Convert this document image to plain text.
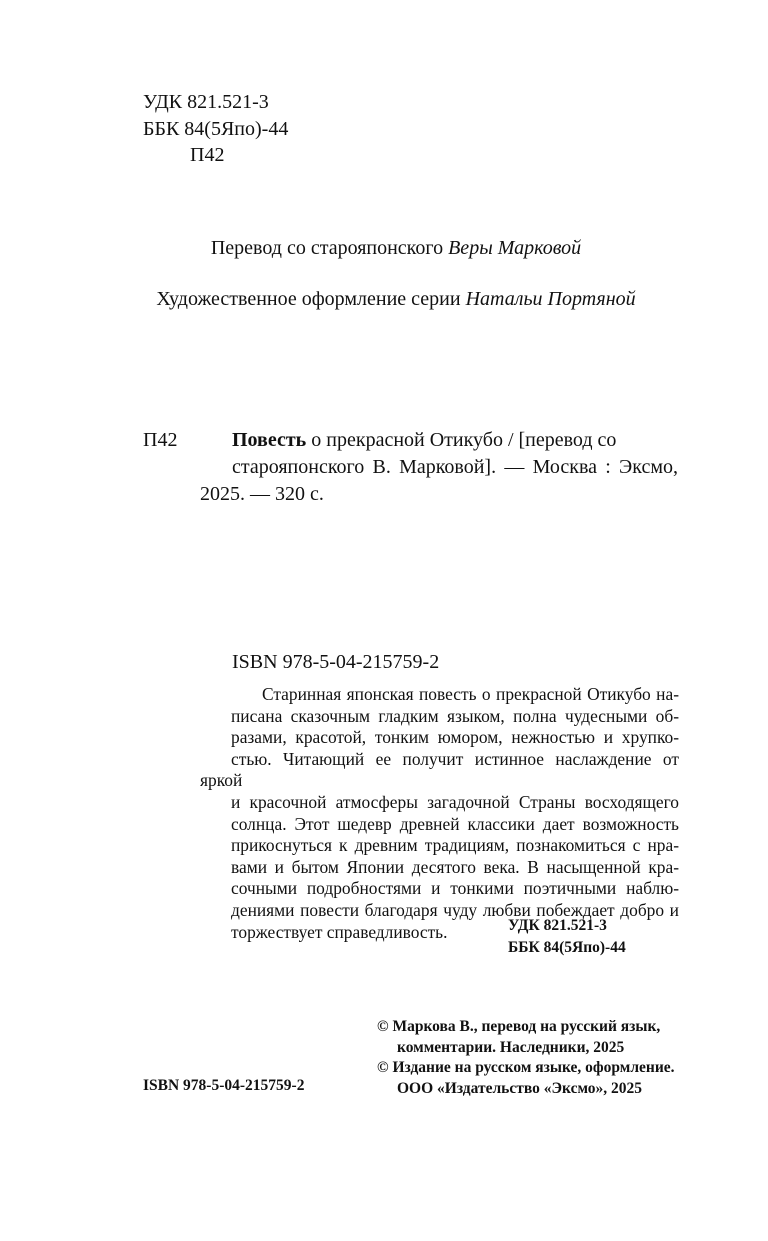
УДК 821.521-3
ББК 84(5Япо)-44
П42
Перевод со старояпонского Веры Марковой
Художественное оформление серии Натальи Портяной
П42	Повесть о прекрасной Отикубо / [перевод со
старояпонского В. Марковой]. — Москва : Эксмо,
2025. — 320 с.
ISBN 978-5-04-215759-2
Старинная японская повесть о прекрасной Отикубо на-
писана сказочным гладким языком, полна чудесными об-
разами, красотой, тонким юмором, нежностью и хрупко-
стью. Читающий ее получит истинное наслаждение от яркой
и красочной атмосферы загадочной Страны восходящего
солнца. Этот шедевр древней классики дает возможность
прикоснуться к древним традициям, познакомиться с нра-
вами и бытом Японии десятого века. В насыщенной кра-
сочными подробностями и тонкими поэтичными наблю-
дениями повести благодаря чуду любви побеждает добро и
торжествует справедливость.	УДК 821.521-3
ББК 84(5Япо)-44
© Маркова В., перевод на русский язык,
комментарии. Наследники, 2025
© Издание на русском языке, оформление.
ООО «Издательство «Эксмо», 2025
ISBN 978-5-04-215759-2
